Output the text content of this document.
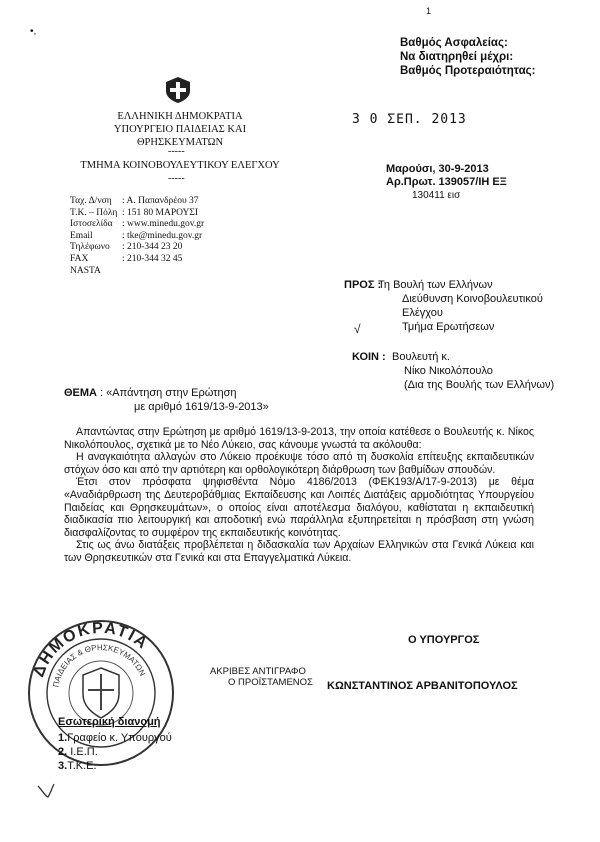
1
•,
Βαθμός Ασφαλείας:
Να διατηρηθεί μέχρι:
Βαθμός Προτεραιότητας:
ΕΛΛΗΝΙΚΗ ΔΗΜΟΚΡΑΤΙΑ
ΥΠΟΥΡΓΕΙΟ ΠΑΙΔΕΙΑΣ ΚΑΙ ΘΡΗΣΚΕΥΜΑΤΩΝ
-----
ΤΜΗΜΑ ΚΟΙΝΟΒΟΥΛΕΥΤΙΚΟΥ ΕΛΕΓΧΟΥ
-----
3 0 ΣΕΠ. 2013
Μαρούσι, 30-9-2013
Αρ.Πρωτ. 139057/ΙΗ ΕΞ
130411 εισ
Ταχ. Δ/νση	: Α. Παπανδρέου 37
Τ.Κ. – Πόλη	: 151 80 ΜΑΡΟΥΣΙ
Ιστοσελίδα	: www.minedu.gov.gr
Email	: tke@minedu.gov.gr
Τηλέφωνο	: 210-344 23 20
FAX	: 210-344 32 45
NASTA	
ΠΡΟΣ :
Τη Βουλή των Ελλήνων
Διεύθυνση Κοινοβουλευτικού
Ελέγχου
Τμήμα Ερωτήσεων
√
ΚΟΙΝ : Βουλευτή κ.
Νίκο Νικολόπουλο
(Δια της Βουλής των Ελλήνων)
ΘΕΜΑ : «Απάντηση στην Ερώτηση
με αριθμό 1619/13-9-2013»

Απαντώντας στην Ερώτηση με αριθμό 1619/13-9-2013, την οποία κατέθεσε ο Βουλευτής κ. Νίκος Νικολόπουλος, σχετικά με το Νέο Λύκειο, σας κάνουμε γνωστά τα ακόλουθα:

Η αναγκαιότητα αλλαγών στο Λύκειο προέκυψε τόσο από τη δυσκολία επίτευξης εκπαιδευτικών στόχων όσο και από την αρτιότερη και ορθολογικότερη διάρθρωση των βαθμίδων σπουδών.

Έτσι στον πρόσφατα ψηφισθέντα Νόμο 4186/2013 (ΦΕΚ193/Α/17-9-2013) με θέμα «Αναδιάρθρωση της Δευτεροβάθμιας Εκπαίδευσης και Λοιπές Διατάξεις αρμοδιότητας Υπουργείου Παιδείας και Θρησκευμάτων», ο οποίος είναι αποτέλεσμα διαλόγου, καθίσταται η εκπαιδευτική διαδικασία πιο λειτουργική και αποδοτική ενώ παράλληλα εξυπηρετείται η πρόσβαση στη γνώση διασφαλίζοντας το συμφέρον της εκπαιδευτικής κοινότητας.

Στις ως άνω διατάξεις προβλέπεται η διδασκαλία των Αρχαίων Ελληνικών στα Γενικά Λύκεια και των Θρησκευτικών στα Γενικά και στα Επαγγελματικά Λύκεια.

Ο ΥΠΟΥΡΓΟΣ
ΚΩΝΣΤΑΝΤΙΝΟΣ ΑΡΒΑΝΙΤΟΠΟΥΛΟΣ
ΔΗΜΟΚΡΑΤΙΑ
ΠΑΙΔΕΙΑΣ & ΘΡΗΣΚΕΥΜΑΤΩΝ	ΑΚΡΙΒΕΣ ΑΝΤΙΓΡΑΦΟ
Ο ΠΡΟΪΣΤΑΜΕΝΟΣ
Εσωτερική διανομή
1.Γραφείο κ. Υπουργού
2. Ι.Ε.Π.
3.Τ.Κ.Ε.
